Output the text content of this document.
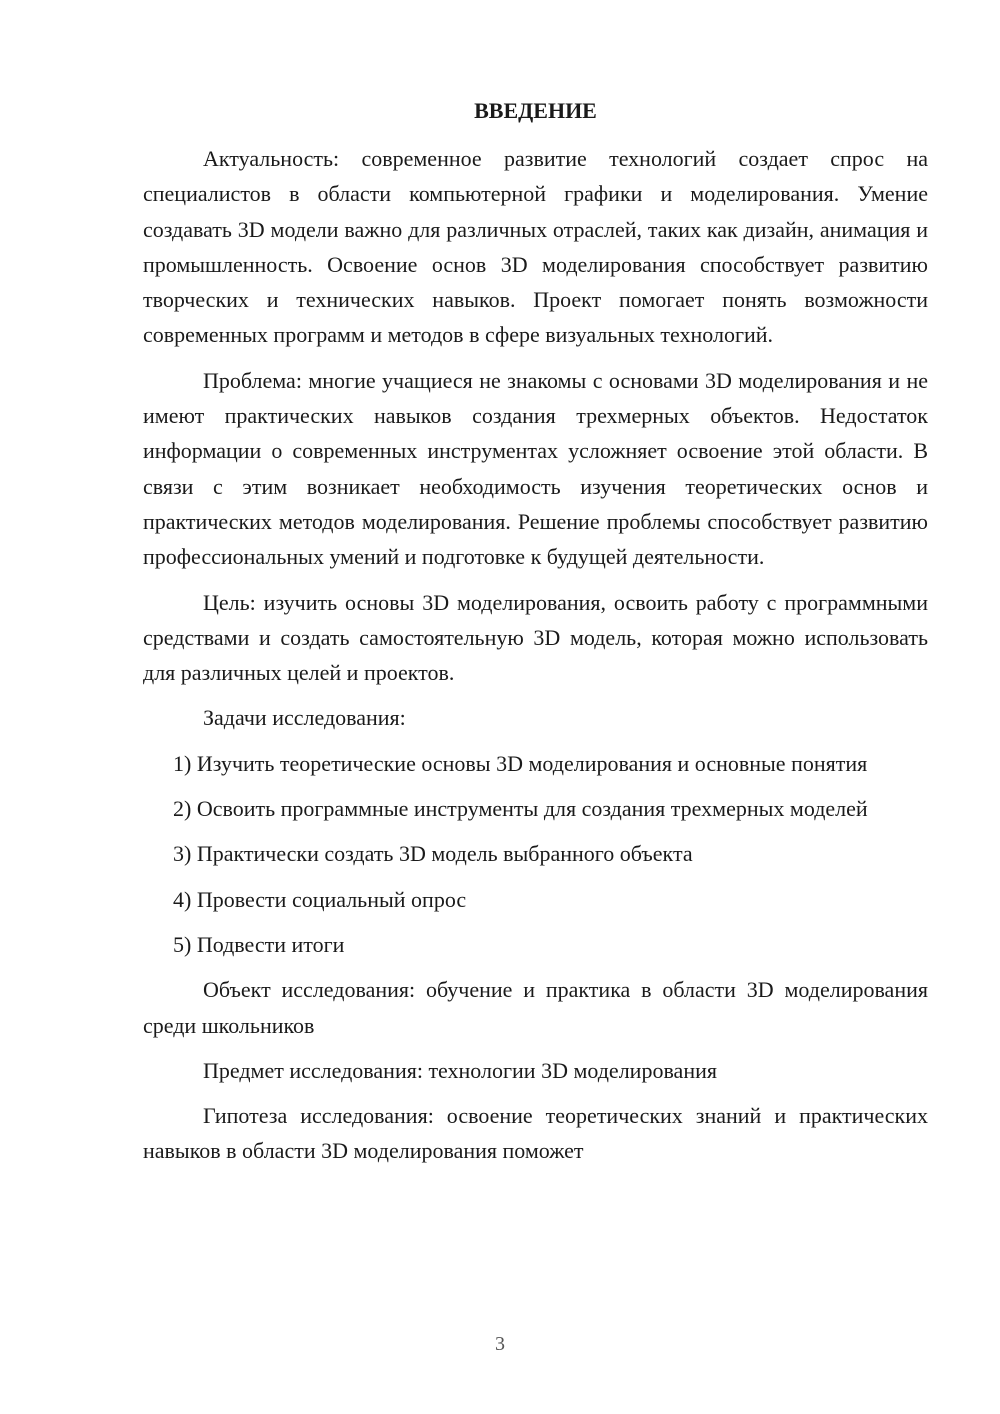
ВВЕДЕНИЕ

Актуальность: современное развитие технологий создает спрос на специалистов в области компьютерной графики и моделирования. Умение создавать 3D модели важно для различных отраслей, таких как дизайн, анимация и промышленность. Освоение основ 3D моделирования способствует развитию творческих и технических навыков. Проект помогает понять возможности современных программ и методов в сфере визуальных технологий.

Проблема: многие учащиеся не знакомы с основами 3D моделирования и не имеют практических навыков создания трехмерных объектов. Недостаток информации о современных инструментах усложняет освоение этой области. В связи с этим возникает необходимость изучения теоретических основ и практических методов моделирования. Решение проблемы способствует развитию профессиональных умений и подготовке к будущей деятельности.

Цель: изучить основы 3D моделирования, освоить работу с программными средствами и создать самостоятельную 3D модель, которая можно использовать для различных целей и проектов.

Задачи исследования:

1) Изучить теоретические основы 3D моделирования и основные понятия

2) Освоить программные инструменты для создания трехмерных моделей

3) Практически создать 3D модель выбранного объекта

4) Провести социальный опрос

5) Подвести итоги

Объект исследования: обучение и практика в области 3D моделирования среди школьников

Предмет исследования: технологии 3D моделирования

Гипотеза исследования: освоение теоретических знаний и практических навыков в области 3D моделирования поможет

3
